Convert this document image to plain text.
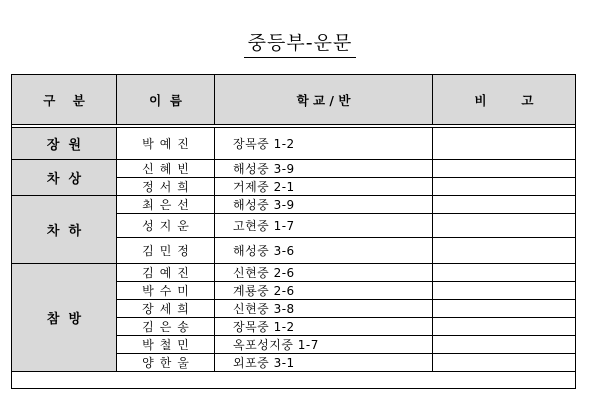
중등부-운문
구    분	이  름	학 교 / 반	비        고

장  원	박예진	장목중 1-2	
차  상	신혜빈	해성중 3-9	
	정서희	거제중 2-1	
차  하	최은선	해성중 3-9	
	성지운	고현중 1-7	
	김민정	해성중 3-6	
참  방	김예진	신현중 2-6	
	박수미	계룡중 2-6	
	장세희	신현중 3-8	
	김은송	장목중 1-2	
	박철민	옥포성지중 1-7	
	양한울	외포중 3-1	
